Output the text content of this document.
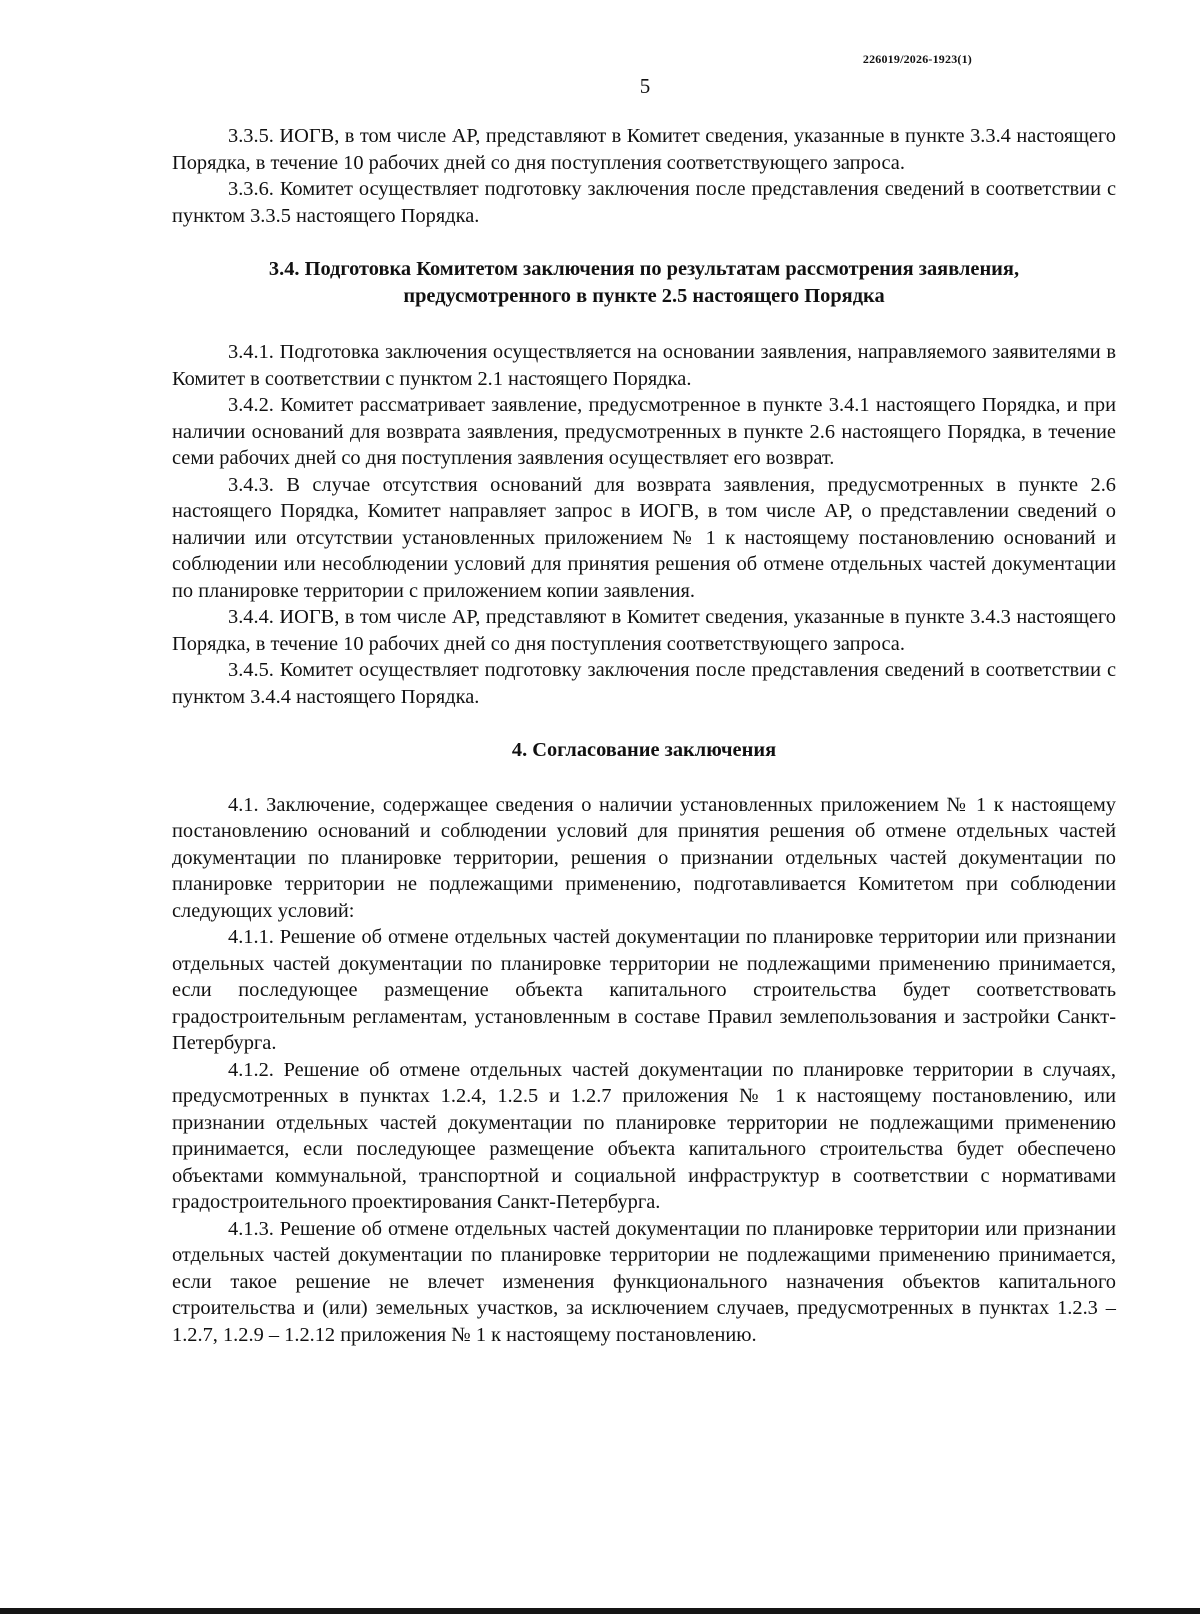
226019/2026-1923(1)
5

3.3.5. ИОГВ, в том числе АР, представляют в Комитет сведения, указанные в пункте 3.3.4 настоящего Порядка, в течение 10 рабочих дней со дня поступления соответствующего запроса.

3.3.6. Комитет осуществляет подготовку заключения после представления сведений в соответствии с пунктом 3.3.5 настоящего Порядка.

3.4. Подготовка Комитетом заключения по результатам рассмотрения заявления,
предусмотренного в пункте 2.5 настоящего Порядка

3.4.1. Подготовка заключения осуществляется на основании заявления, направляемого заявителями в Комитет в соответствии с пунктом 2.1 настоящего Порядка.

3.4.2. Комитет рассматривает заявление, предусмотренное в пункте 3.4.1 настоящего Порядка, и при наличии оснований для возврата заявления, предусмотренных в пункте 2.6 настоящего Порядка, в течение семи рабочих дней со дня поступления заявления осуществляет его возврат.

3.4.3. В случае отсутствия оснований для возврата заявления, предусмотренных в пункте 2.6 настоящего Порядка, Комитет направляет запрос в ИОГВ, в том числе АР, о представлении сведений о наличии или отсутствии установленных приложением № 1 к настоящему постановлению оснований и соблюдении или несоблюдении условий для принятия решения об отмене отдельных частей документации по планировке территории с приложением копии заявления.

3.4.4. ИОГВ, в том числе АР, представляют в Комитет сведения, указанные в пункте 3.4.3 настоящего Порядка, в течение 10 рабочих дней со дня поступления соответствующего запроса.

3.4.5. Комитет осуществляет подготовку заключения после представления сведений в соответствии с пунктом 3.4.4 настоящего Порядка.

4. Согласование заключения

4.1. Заключение, содержащее сведения о наличии установленных приложением № 1 к настоящему постановлению оснований и соблюдении условий для принятия решения об отмене отдельных частей документации по планировке территории, решения о признании отдельных частей документации по планировке территории не подлежащими применению, подготавливается Комитетом при соблюдении следующих условий:

4.1.1. Решение об отмене отдельных частей документации по планировке территории или признании отдельных частей документации по планировке территории не подлежащими применению принимается, если последующее размещение объекта капитального строительства будет соответствовать градостроительным регламентам, установленным в составе Правил землепользования и застройки Санкт-Петербурга.

4.1.2. Решение об отмене отдельных частей документации по планировке территории в случаях, предусмотренных в пунктах 1.2.4, 1.2.5 и 1.2.7 приложения № 1 к настоящему постановлению, или признании отдельных частей документации по планировке территории не подлежащими применению принимается, если последующее размещение объекта капитального строительства будет обеспечено объектами коммунальной, транспортной и социальной инфраструктур в соответствии с нормативами градостроительного проектирования Санкт-Петербурга.

4.1.3. Решение об отмене отдельных частей документации по планировке территории или признании отдельных частей документации по планировке территории не подлежащими применению принимается, если такое решение не влечет изменения функционального назначения объектов капитального строительства и (или) земельных участков, за исключением случаев, предусмотренных в пунктах 1.2.3 – 1.2.7, 1.2.9 – 1.2.12 приложения № 1 к настоящему постановлению.
